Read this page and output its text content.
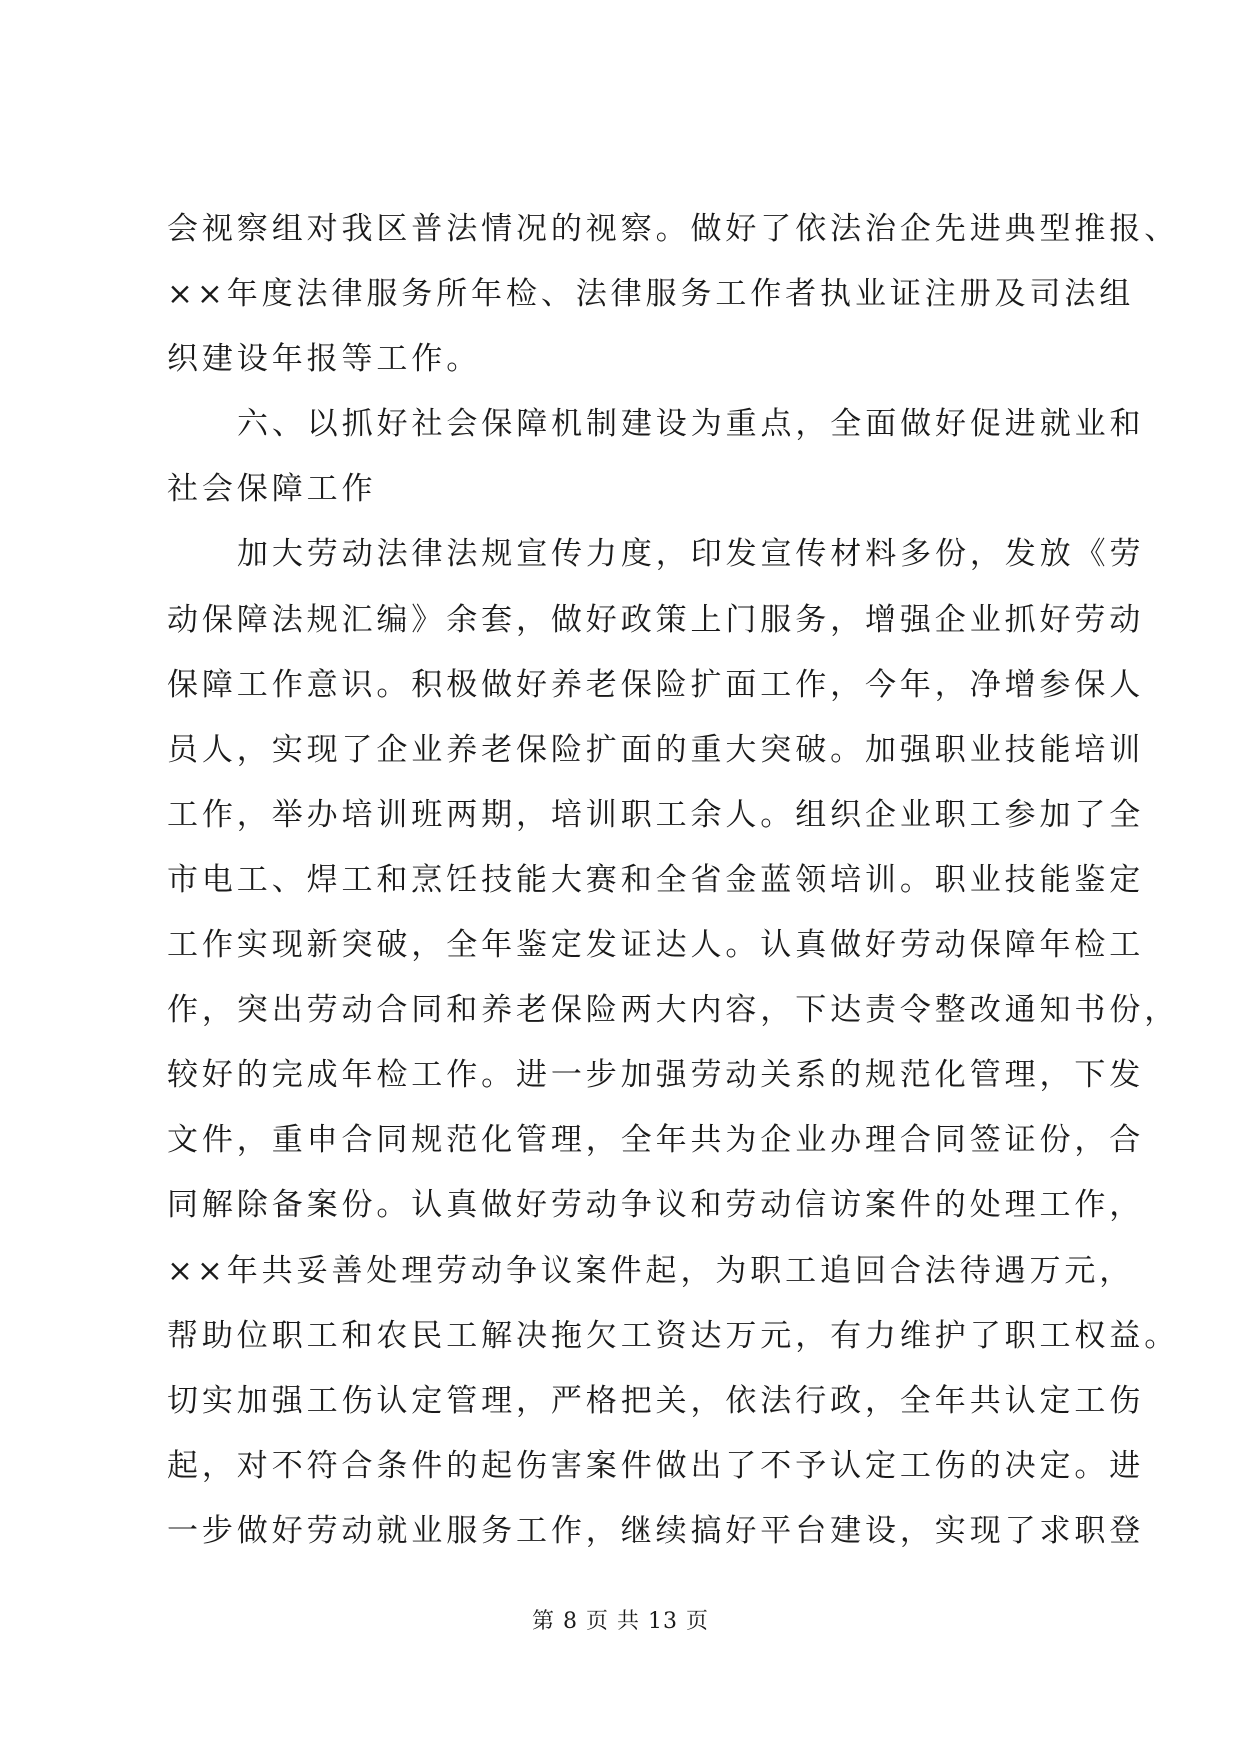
会视察组对我区普法情况的视察。做好了依法治企先进典型推报、
××年度法律服务所年检、法律服务工作者执业证注册及司法组
织建设年报等工作。
六、以抓好社会保障机制建设为重点，全面做好促进就业和
社会保障工作
加大劳动法律法规宣传力度，印发宣传材料多份，发放《劳
动保障法规汇编》余套，做好政策上门服务，增强企业抓好劳动
保障工作意识。积极做好养老保险扩面工作，今年，净增参保人
员人，实现了企业养老保险扩面的重大突破。加强职业技能培训
工作，举办培训班两期，培训职工余人。组织企业职工参加了全
市电工、焊工和烹饪技能大赛和全省金蓝领培训。职业技能鉴定
工作实现新突破，全年鉴定发证达人。认真做好劳动保障年检工
作，突出劳动合同和养老保险两大内容，下达责令整改通知书份，
较好的完成年检工作。进一步加强劳动关系的规范化管理，下发
文件，重申合同规范化管理，全年共为企业办理合同签证份，合
同解除备案份。认真做好劳动争议和劳动信访案件的处理工作，
××年共妥善处理劳动争议案件起，为职工追回合法待遇万元，
帮助位职工和农民工解决拖欠工资达万元，有力维护了职工权益。
切实加强工伤认定管理，严格把关，依法行政，全年共认定工伤
起，对不符合条件的起伤害案件做出了不予认定工伤的决定。进
一步做好劳动就业服务工作，继续搞好平台建设，实现了求职登
第 8 页 共 13 页
